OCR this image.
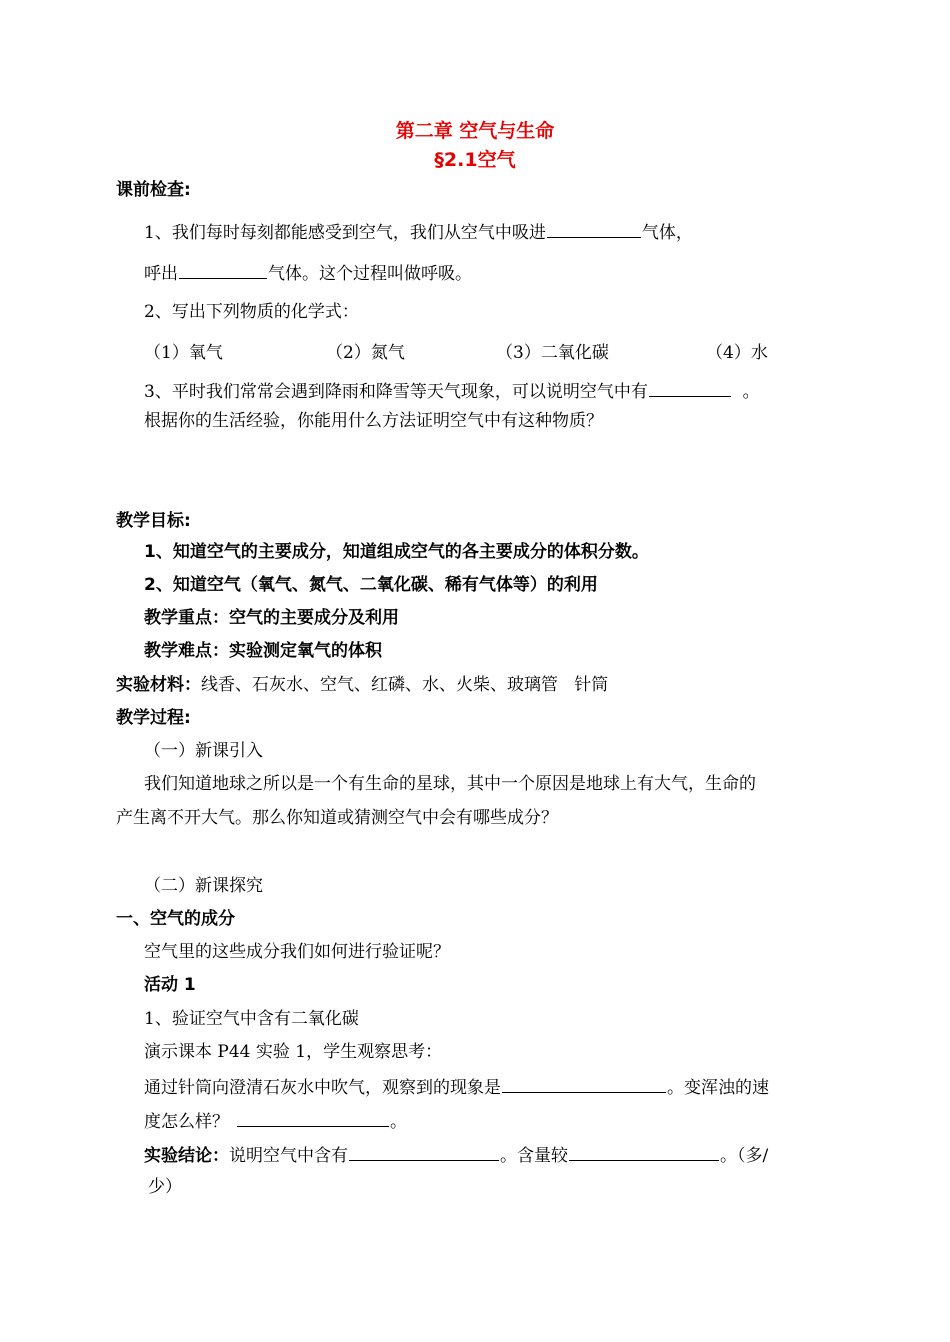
第二章 空气与生命
§2.1空气
课前检查:
1、我们每时每刻都能感受到空气，我们从空气中吸进	气体，
呼出	气体。这个过程叫做呼吸。
2、写出下列物质的化学式：
（1）氧气	（2）氮气	（3）二氧化碳	（4）水
3、平时我们常常会遇到降雨和降雪等天气现象，可以说明空气中有	。
根据你的生活经验，你能用什么方法证明空气中有这种物质？
教学目标:
1、知道空气的主要成分，知道组成空气的各主要成分的体积分数。
2、知道空气（氧气、氮气、二氧化碳、稀有气体等）的利用
教学重点：空气的主要成分及利用
教学难点：实验测定氧气的体积
实验材料：线香、石灰水、空气、红磷、水、火柴、玻璃管   针筒
教学过程:
（一）新课引入
我们知道地球之所以是一个有生命的星球，其中一个原因是地球上有大气，生命的
产生离不开大气。那么你知道或猜测空气中会有哪些成分？
（二）新课探究
一、空气的成分
空气里的这些成分我们如何进行验证呢？
活动 1
1、验证空气中含有二氧化碳
演示课本 P44 实验 1，学生观察思考：
通过针筒向澄清石灰水中吹气，观察到的现象是	。变浑浊的速
度怎么样？	。
实验结论：说明空气中含有	。含量较	。（多/
少）
